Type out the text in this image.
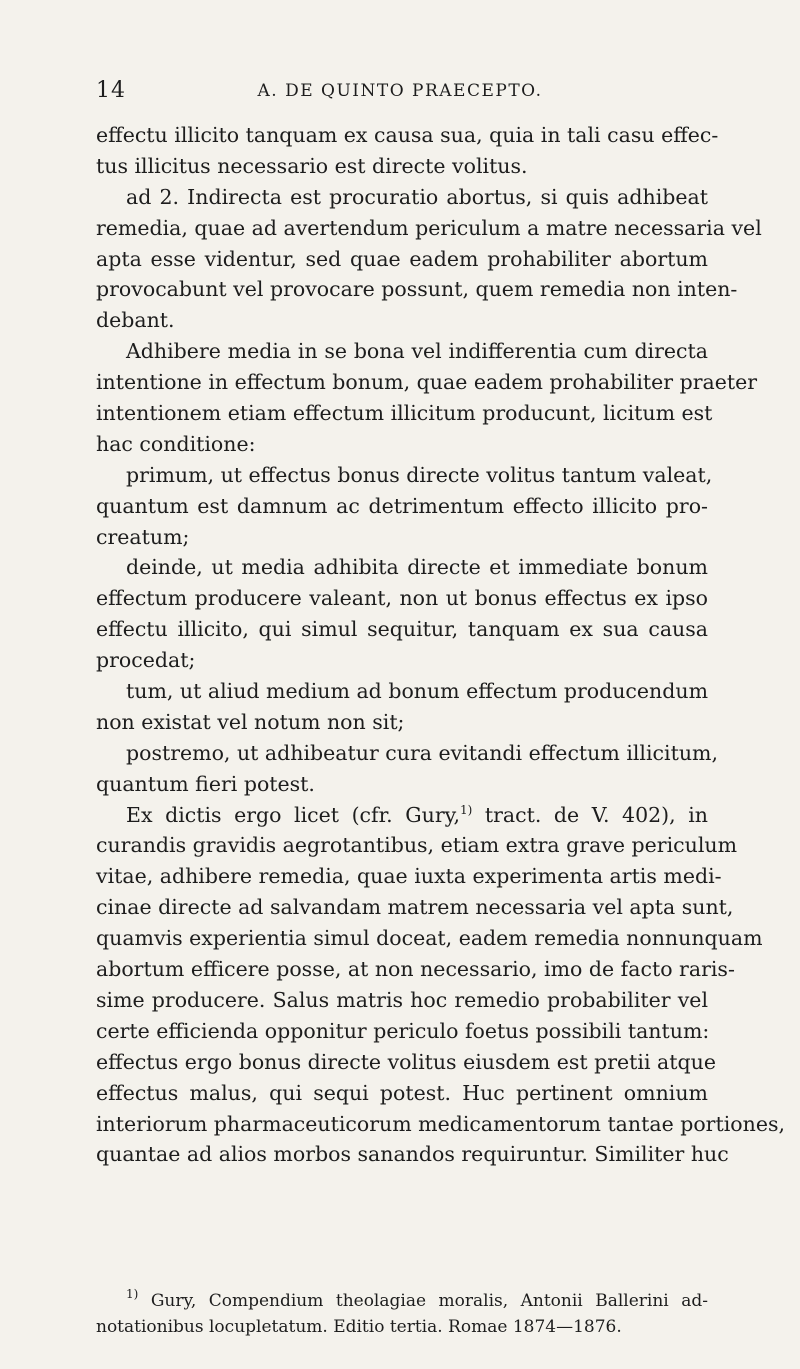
14	A. DE QUINTO PRAECEPTO.
effectu illicito tanquam ex causa sua, quia in tali casu effec-
tus illicitus necessario est directe volitus.
ad 2. Indirecta est procuratio abortus, si quis adhibeat
remedia, quae ad avertendum periculum a matre necessaria vel
apta esse videntur, sed quae eadem prohabiliter abortum
provocabunt vel provocare possunt, quem remedia non inten-
debant.
Adhibere media in se bona vel indifferentia cum directa
intentione in effectum bonum, quae eadem prohabiliter praeter
intentionem etiam effectum illicitum producunt, licitum est
hac conditione:
primum, ut effectus bonus directe volitus tantum valeat,
quantum est damnum ac detrimentum effecto illicito pro-
creatum;
deinde, ut media adhibita directe et immediate bonum
effectum producere valeant, non ut bonus effectus ex ipso
effectu illicito, qui simul sequitur, tanquam ex sua causa
procedat;
tum, ut aliud medium ad bonum effectum producendum
non existat vel notum non sit;
postremo, ut adhibeatur cura evitandi effectum illicitum,
quantum fieri potest.
Ex dictis ergo licet (cfr. Gury,$^{1)}$ tract. de V. 402), in
curandis gravidis aegrotantibus, etiam extra grave periculum
vitae, adhibere remedia, quae iuxta experimenta artis medi-
cinae directe ad salvandam matrem necessaria vel apta sunt,
quamvis experientia simul doceat, eadem remedia nonnunquam
abortum efficere posse, at non necessario, imo de facto raris-
sime producere. Salus matris hoc remedio probabiliter vel
certe efficienda opponitur periculo foetus possibili tantum:
effectus ergo bonus directe volitus eiusdem est pretii atque
effectus malus, qui sequi potest. Huc pertinent omnium
interiorum pharmaceuticorum medicamentorum tantae portiones,
quantae ad alios morbos sanandos requiruntur. Similiter huc
$^{1)}$ Gury, Compendium theolagiae moralis, Antonii Ballerini ad-
notationibus locupletatum. Editio tertia. Romae 1874—1876.
